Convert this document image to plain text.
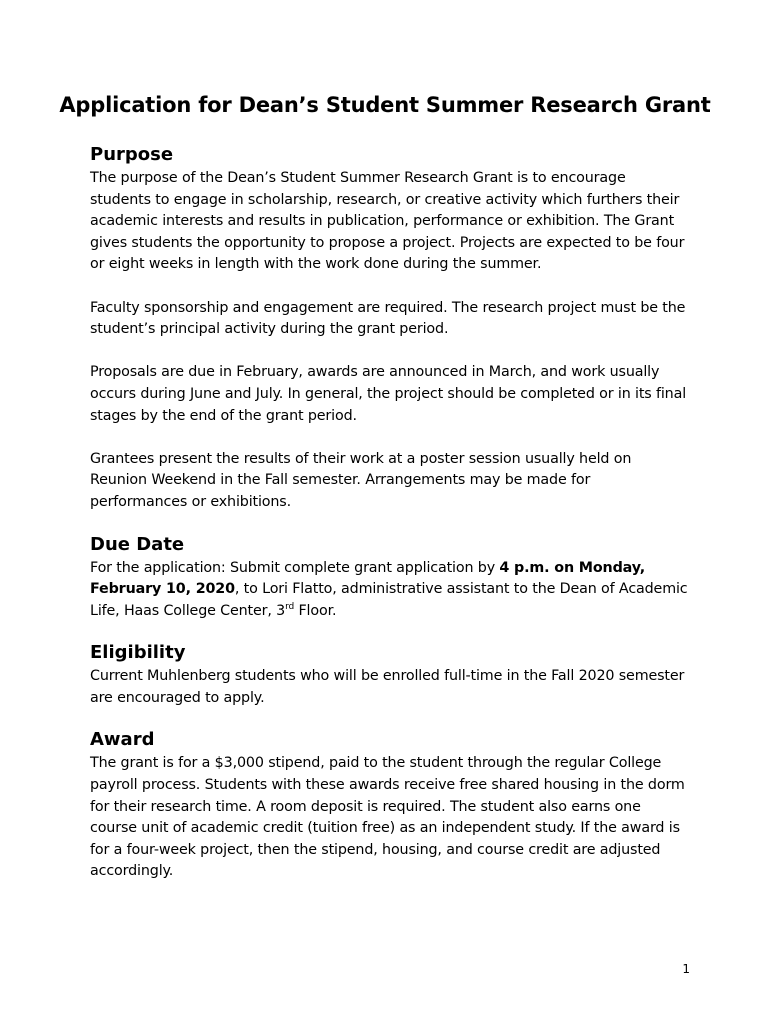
Application for Dean’s Student Summer Research Grant
Purpose

The purpose of the Dean’s Student Summer Research Grant is to encourage students to engage in scholarship, research, or creative activity which furthers their academic interests and results in publication, performance or exhibition. The Grant gives students the opportunity to propose a project. Projects are expected to be four or eight weeks in length with the work done during the summer.

Faculty sponsorship and engagement are required. The research project must be the student’s principal activity during the grant period.

Proposals are due in February, awards are announced in March, and work usually occurs during June and July. In general, the project should be completed or in its final stages by the end of the grant period.

Grantees present the results of their work at a poster session usually held on Reunion Weekend in the Fall semester. Arrangements may be made for performances or exhibitions.

Due Date

For the application: Submit complete grant application by 4 p.m. on Monday, February 10, 2020, to Lori Flatto, administrative assistant to the Dean of Academic Life, Haas College Center, 3rd Floor.

Eligibility

Current Muhlenberg students who will be enrolled full-time in the Fall 2020 semester are encouraged to apply.

Award

The grant is for a $3,000 stipend, paid to the student through the regular College payroll process. Students with these awards receive free shared housing in the dorm for their research time. A room deposit is required. The student also earns one course unit of academic credit (tuition free) as an independent study. If the award is for a four-week project, then the stipend, housing, and course credit are adjusted accordingly.

1
